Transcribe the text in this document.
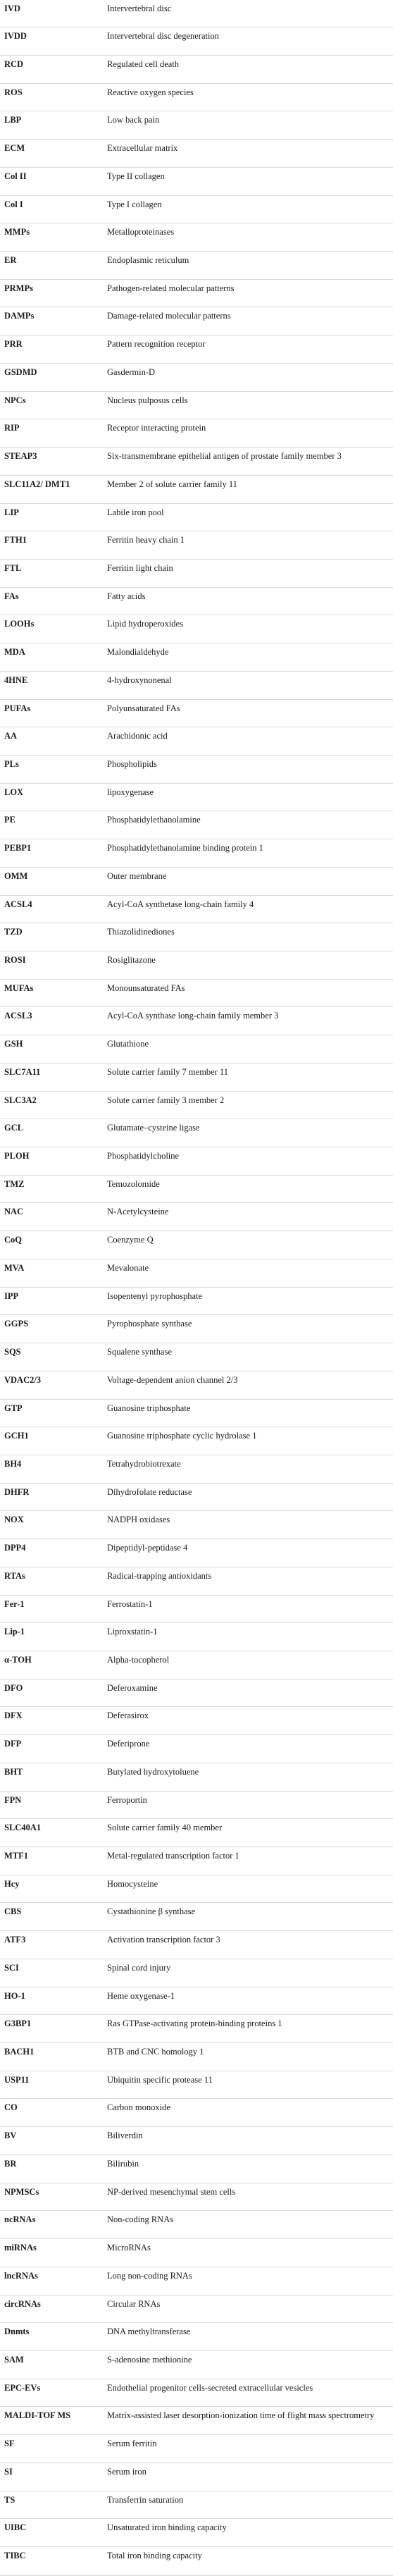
IVD	Intervertebral disc
IVDD	Intervertebral disc degeneration
RCD	Regulated cell death
ROS	Reactive oxygen species
LBP	Low back pain
ECM	Extracellular matrix
Col II	Type II collagen
Col I	Type I collagen
MMPs	Metalloproteinases
ER	Endoplasmic reticulum
PRMPs	Pathogen-related molecular patterns
DAMPs	Damage-related molecular patterns
PRR	Pattern recognition receptor
GSDMD	Gasdermin-D
NPCs	Nucleus pulposus cells
RIP	Receptor interacting protein
STEAP3	Six-transmembrane epithelial antigen of prostate family member 3
SLC11A2/ DMT1	Member 2 of solute carrier family 11
LIP	Labile iron pool
FTH1	Ferritin heavy chain 1
FTL	Ferritin light chain
FAs	Fatty acids
LOOHs	Lipid hydroperoxides
MDA	Malondialdehyde
4HNE	4-hydroxynonenal
PUFAs	Polyunsaturated FAs
AA	Arachidonic acid
PLs	Phospholipids
LOX	lipoxygenase
PE	Phosphatidylethanolamine
PEBP1	Phosphatidylethanolamine binding protein 1
OMM	Outer membrane
ACSL4	Acyl-CoA synthetase long-chain family 4
TZD	Thiazolidinediones
ROSI	Rosiglitazone
MUFAs	Monounsaturated FAs
ACSL3	Acyl-CoA synthase long-chain family member 3
GSH	Glutathione
SLC7A11	Solute carrier family 7 member 11
SLC3A2	Solute carrier family 3 member 2
GCL	Glutamate–cysteine ligase
PLOH	Phosphatidylcholine
TMZ	Temozolomide
NAC	N-Acetylcysteine
CoQ	Coenzyme Q
MVA	Mevalonate
IPP	Isopentenyl pyrophosphate
GGPS	Pyrophosphate synthase
SQS	Squalene synthase
VDAC2/3	Voltage-dependent anion channel 2/3
GTP	Guanosine triphosphate
GCH1	Guanosine triphosphate cyclic hydrolase 1
BH4	Tetrahydrobiotrexate
DHFR	Dihydrofolate reductase
NOX	NADPH oxidases
DPP4	Dipeptidyl-peptidase 4
RTAs	Radical-trapping antioxidants
Fer-1	Ferrostatin-1
Lip-1	Liproxstatin-1
α-TOH	Alpha-tocopherol
DFO	Deferoxamine
DFX	Deferasirox
DFP	Deferiprone
BHT	Butylated hydroxytoluene
FPN	Ferroportin
SLC40A1	Solute carrier family 40 member
MTF1	Metal-regulated transcription factor 1
Hcy	Homocysteine
CBS	Cystathionine β synthase
ATF3	Activation transcription factor 3
SCI	Spinal cord injury
HO-1	Heme oxygenase-1
G3BP1	Ras GTPase-activating protein-binding proteins 1
BACH1	BTB and CNC homology 1
USP11	Ubiquitin specific protease 11
CO	Carbon monoxide
BV	Biliverdin
BR	Bilirubin
NPMSCs	NP-derived mesenchymal stem cells
ncRNAs	Non-coding RNAs
miRNAs	MicroRNAs
lncRNAs	Long non-coding RNAs
circRNAs	Circular RNAs
Dnmts	DNA methyltransferase
SAM	S-adenosine methionine
EPC-EVs	Endothelial progenitor cells-secreted extracellular vesicles
MALDI-TOF MS	Matrix-assisted laser desorption-ionization time of flight mass spectrometry
SF	Serum ferritin
SI	Serum iron
TS	Transferrin saturation
UIBC	Unsaturated iron binding capacity
TIBC	Total iron binding capacity
